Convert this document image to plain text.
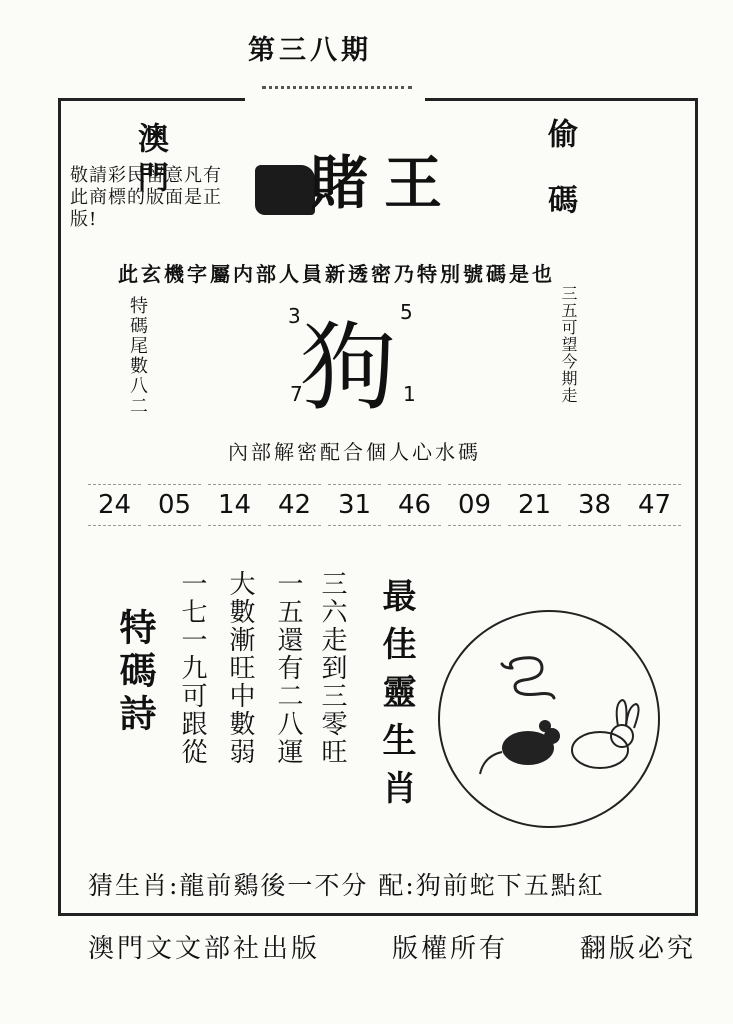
第三八期
澳門	偷碼
敬請彩民留意凡有此商標的版面是正版!
賭王
此玄機字屬内部人員新透密乃特別號碼是也
特碼尾數八二	三五可望今期走
狗
3	5
7	1
內部解密配合個人心水碼
24	05	14	42	31	46	09	21	38	47
特碼詩	三六走到三零旺
一五還有二八運
大數漸旺中數弱
一七一九可跟從	最佳靈生肖
猜生肖:龍前鷄後一不分 配:狗前蛇下五點紅
澳門文文部社出版	版權所有	翻版必究
